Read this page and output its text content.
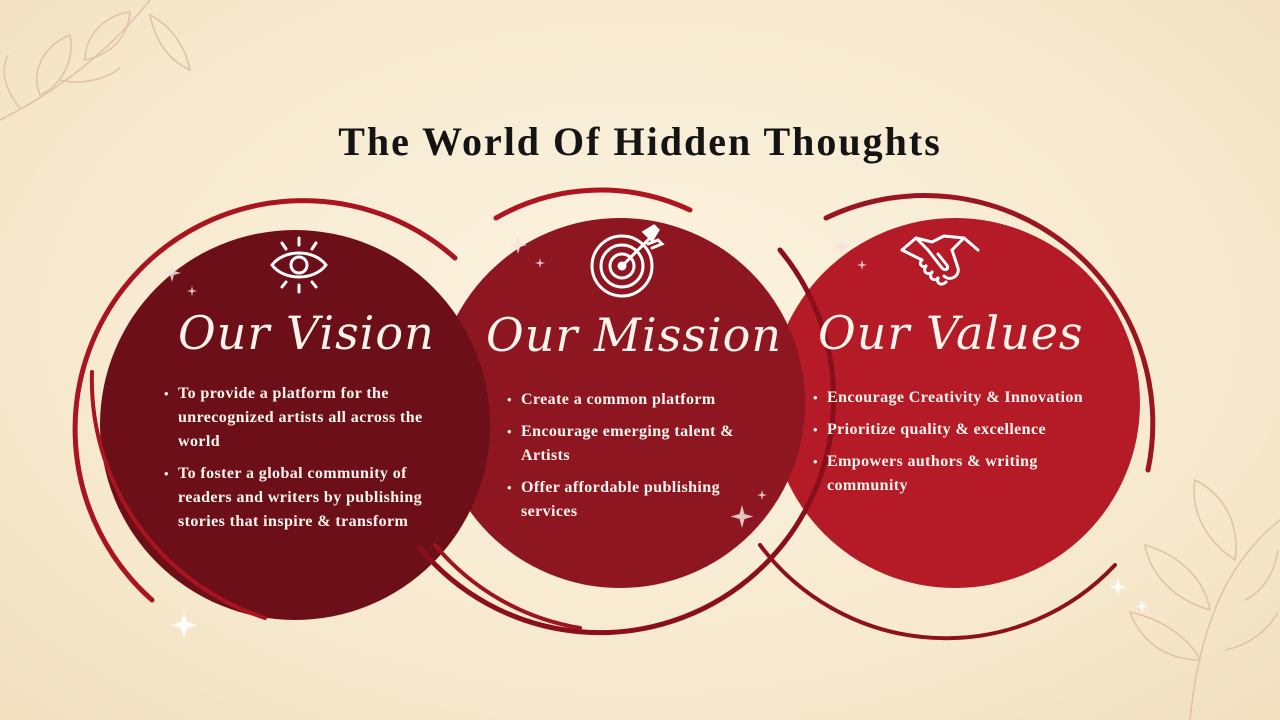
The World Of Hidden Thoughts
Our Vision
• To provide a platform for the unrecognized artists all across the world
• To foster a global community of readers and writers by publishing stories that inspire & transform
Our Mission
• Create a common platform
• Encourage emerging talent & Artists
• Offer affordable publishing services
Our Values
• Encourage Creativity & Innovation
• Prioritize quality & excellence
• Empowers authors & writing community
